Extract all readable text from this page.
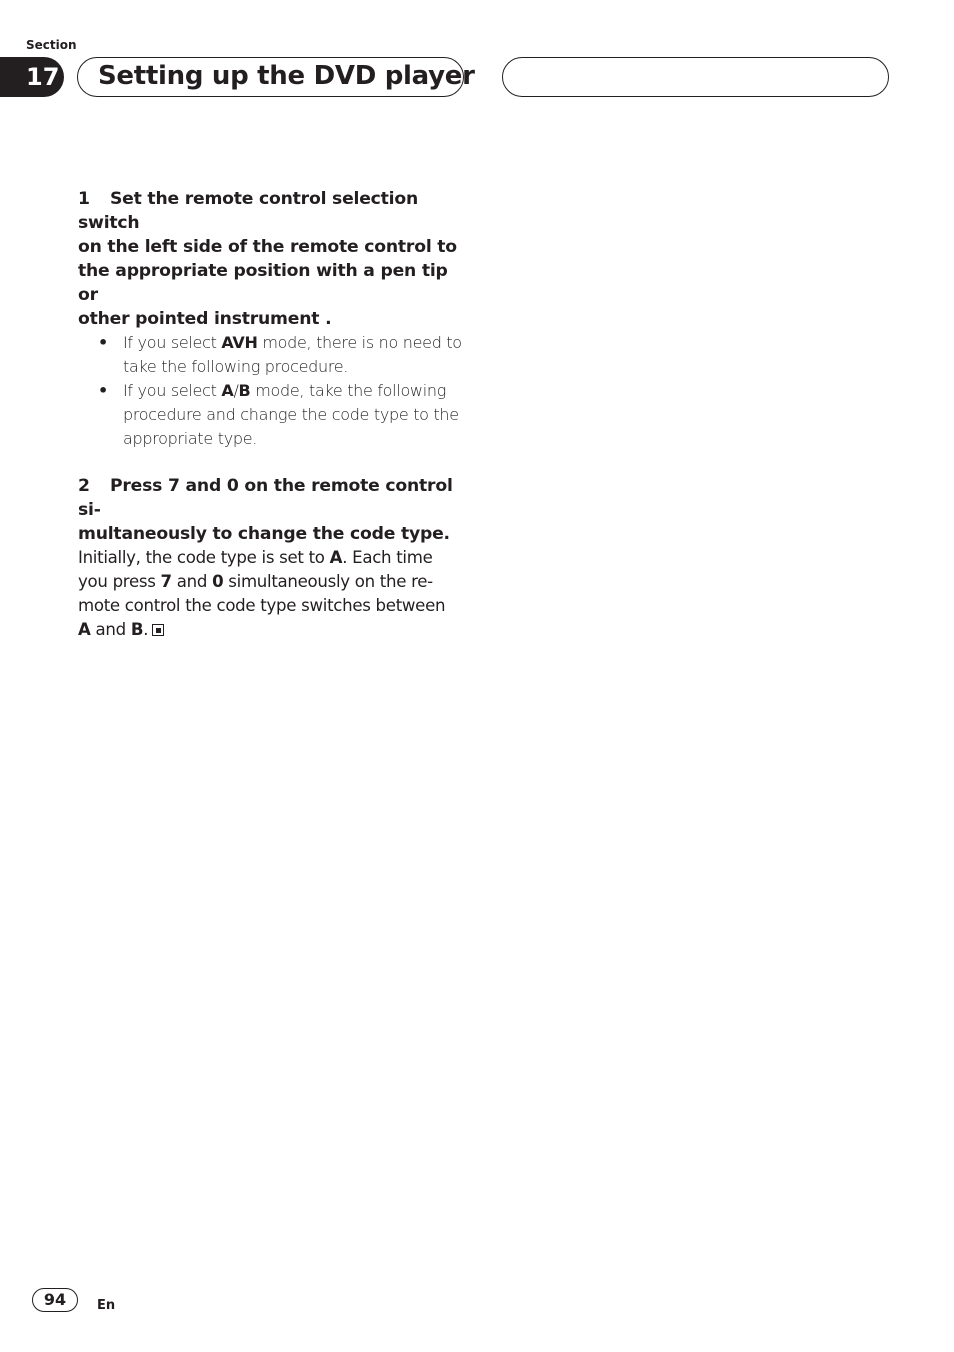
Section
17 Setting up the DVD player

1 Set the remote control selection switch
on the left side of the remote control to
the appropriate position with a pen tip or
other pointed instrument .

• If you select AVH mode, there is no need to
take the following procedure.
• If you select A/B mode, take the following
procedure and change the code type to the
appropriate type.

2 Press 7 and 0 on the remote control si-
multaneously to change the code type.

Initially, the code type is set to A. Each time
you press 7 and 0 simultaneously on the re-
mote control the code type switches between
A and B.

94	En
